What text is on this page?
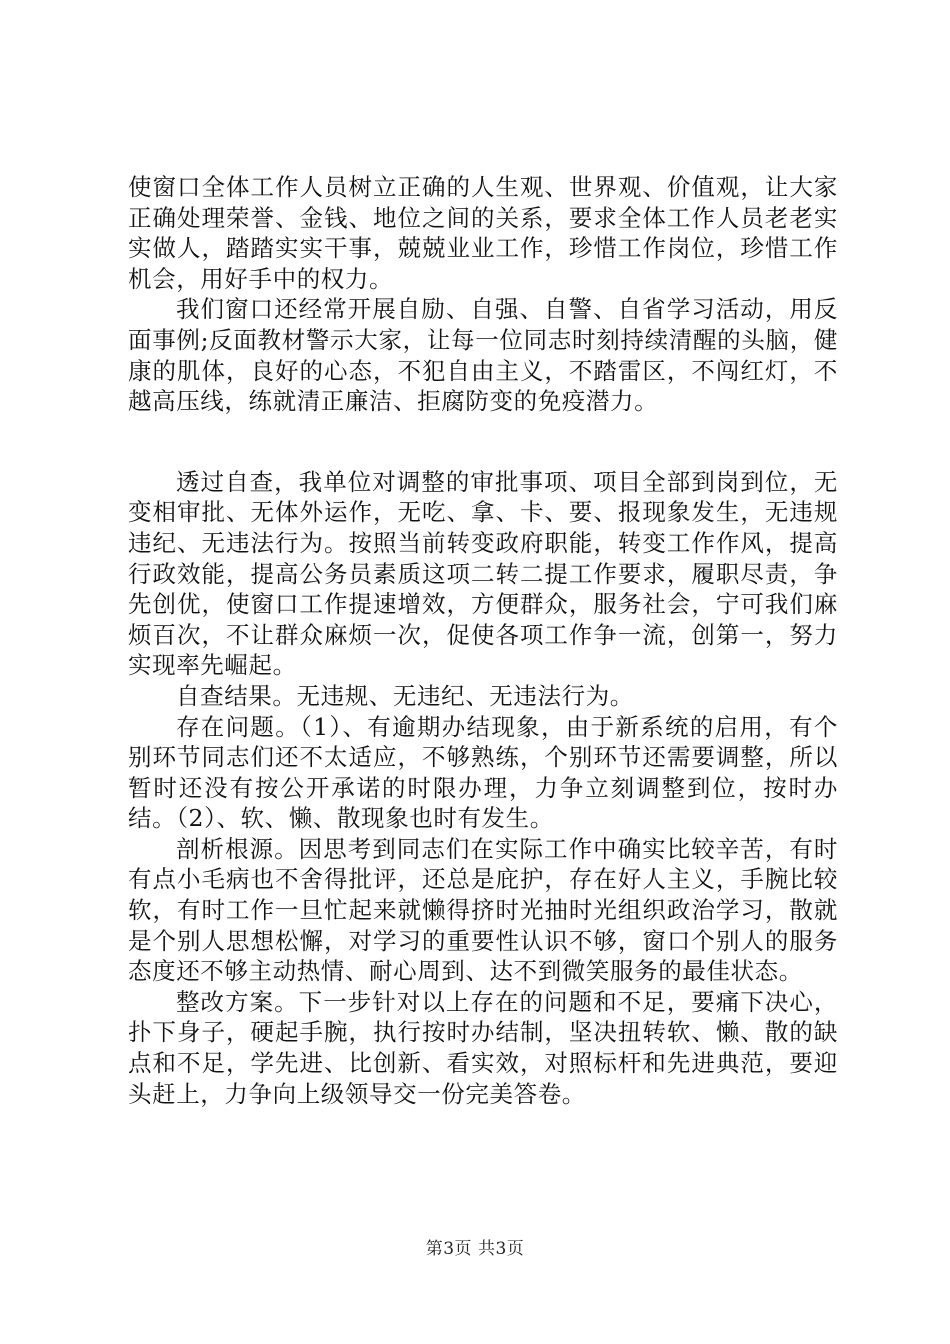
使窗口全体工作人员树立正确的人生观、世界观、价值观，让大家正确处理荣誉、金钱、地位之间的关系，要求全体工作人员老老实实做人，踏踏实实干事，兢兢业业工作，珍惜工作岗位，珍惜工作机会，用好手中的权力。

我们窗口还经常开展自励、自强、自警、自省学习活动，用反面事例;反面教材警示大家，让每一位同志时刻持续清醒的头脑，健康的肌体，良好的心态，不犯自由主义，不踏雷区，不闯红灯，不越高压线，练就清正廉洁、拒腐防变的免疫潜力。

透过自查，我单位对调整的审批事项、项目全部到岗到位，无变相审批、无体外运作，无吃、拿、卡、要、报现象发生，无违规违纪、无违法行为。按照当前转变政府职能，转变工作作风，提高行政效能，提高公务员素质这项二转二提工作要求，履职尽责，争先创优，使窗口工作提速增效，方便群众，服务社会，宁可我们麻烦百次，不让群众麻烦一次，促使各项工作争一流，创第一，努力实现率先崛起。

自查结果。无违规、无违纪、无违法行为。

存在问题。（1）、有逾期办结现象，由于新系统的启用，有个别环节同志们还不太适应，不够熟练，个别环节还需要调整，所以暂时还没有按公开承诺的时限办理，力争立刻调整到位，按时办结。（2）、软、懒、散现象也时有发生。

剖析根源。因思考到同志们在实际工作中确实比较辛苦，有时有点小毛病也不舍得批评，还总是庇护，存在好人主义，手腕比较软，有时工作一旦忙起来就懒得挤时光抽时光组织政治学习，散就是个别人思想松懈，对学习的重要性认识不够，窗口个别人的服务态度还不够主动热情、耐心周到、达不到微笑服务的最佳状态。

整改方案。下一步针对以上存在的问题和不足，要痛下决心，扑下身子，硬起手腕，执行按时办结制，坚决扭转软、懒、散的缺点和不足，学先进、比创新、看实效，对照标杆和先进典范，要迎头赶上，力争向上级领导交一份完美答卷。

第3页 共3页
